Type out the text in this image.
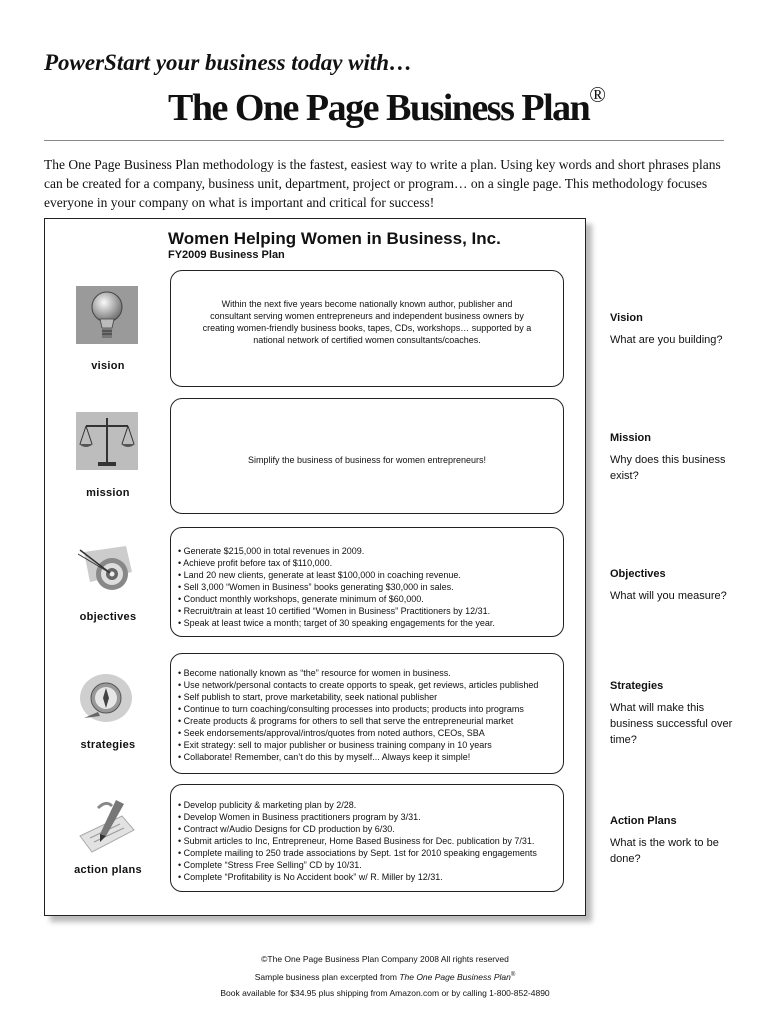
PowerStart your business today with…
The One Page Business Plan®

The One Page Business Plan methodology is the fastest, easiest way to write a plan. Using key words and short phrases plans can be created for a company, business unit, department, project or program… on a single page. This methodology focuses everyone in your company on what is important and critical for success!

Women Helping Women in Business, Inc.
FY2009 Business Plan
vision
Within the next five years become nationally known author, publisher and consultant serving women entrepreneurs and independent business owners by creating women-friendly business books, tapes, CDs, workshops… supported by a national network of certified women consultants/coaches.
Vision
What are you building?
mission
Simplify the business of business for women entrepreneurs!
Mission
Why does this business exist?
objectives
• Generate $215,000 in total revenues in 2009.
• Achieve profit before tax of $110,000.
• Land 20 new clients, generate at least $100,000 in coaching revenue.
• Sell 3,000 “Women in Business” books generating $30,000 in sales.
• Conduct monthly workshops, generate minimum of $60,000.
• Recruit/train at least 10 certified “Women in Business” Practitioners by 12/31.
• Speak at least twice a month; target of 30 speaking engagements for the year.
Objectives
What will you measure?
strategies
• Become nationally known as “the” resource for women in business.
• Use network/personal contacts to create opports to speak, get reviews, articles published
• Self publish to start, prove marketability, seek national publisher
• Continue to turn coaching/consulting processes into products; products into programs
• Create products & programs for others to sell that serve the entrepreneurial market
• Seek endorsements/approval/intros/quotes from noted authors, CEOs, SBA
• Exit strategy: sell to major publisher or business training company in 10 years
• Collaborate! Remember, can’t do this by myself... Always keep it simple!
Strategies
What will make this business successful over time?
action plans
• Develop publicity & marketing plan by 2/28.
• Develop Women in Business practitioners program by 3/31.
• Contract w/Audio Designs for CD production by 6/30.
• Submit articles to Inc, Entrepreneur, Home Based Business for Dec. publication by 7/31.
• Complete mailing to 250 trade associations by Sept. 1st for 2010 speaking engagements
• Complete “Stress Free Selling” CD by 10/31.
• Complete “Profitability is No Accident book” w/ R. Miller by 12/31.
Action Plans
What is the work to be done?

©The One Page Business Plan Company 2008 All rights reserved

Sample business plan excerpted from The One Page Business Plan®

Book available for $34.95 plus shipping from Amazon.com or by calling 1-800-852-4890
